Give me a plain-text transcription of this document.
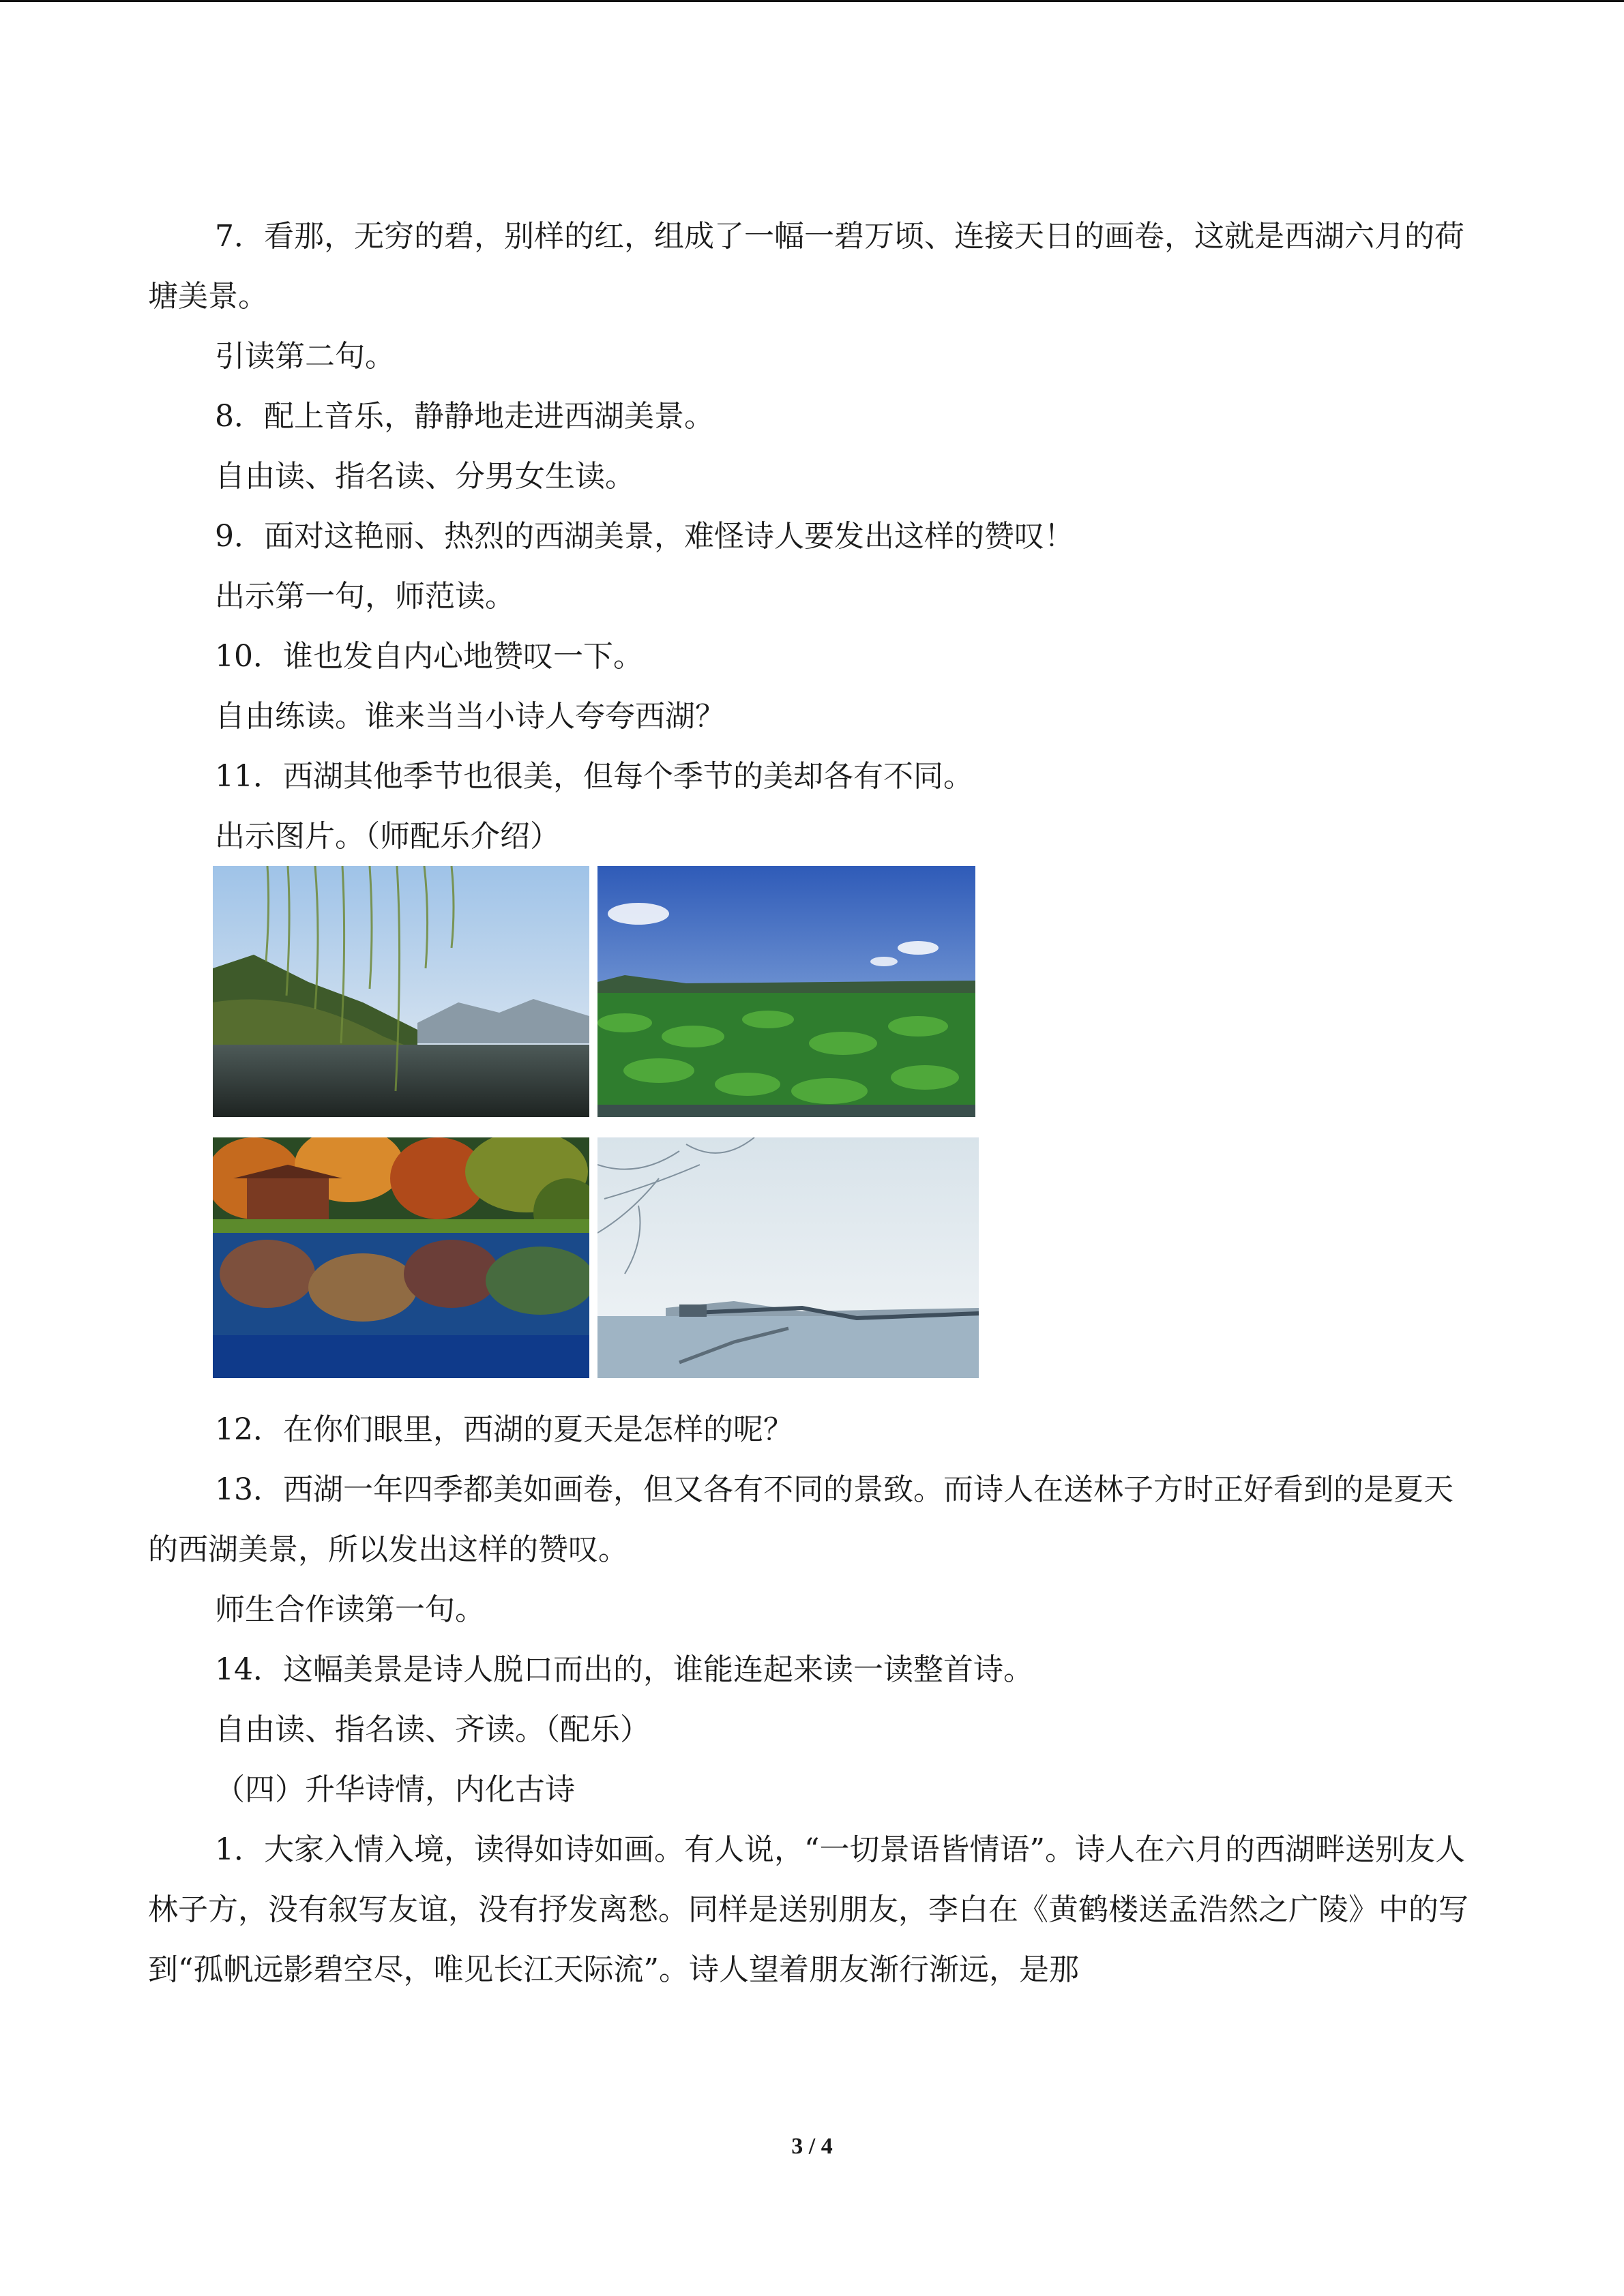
7．看那，无穷的碧，别样的红，组成了一幅一碧万顷、连接天日的画卷，这就是西湖六月的荷塘美景。

引读第二句。

8．配上音乐，静静地走进西湖美景。

自由读、指名读、分男女生读。

9．面对这艳丽、热烈的西湖美景，难怪诗人要发出这样的赞叹！

出示第一句，师范读。

10．谁也发自内心地赞叹一下。

自由练读。谁来当当小诗人夸夸西湖？

11．西湖其他季节也很美，但每个季节的美却各有不同。

出示图片。（师配乐介绍）

12．在你们眼里，西湖的夏天是怎样的呢？

13．西湖一年四季都美如画卷，但又各有不同的景致。而诗人在送林子方时正好看到的是夏天的西湖美景，所以发出这样的赞叹。

师生合作读第一句。

14．这幅美景是诗人脱口而出的，谁能连起来读一读整首诗。

自由读、指名读、齐读。（配乐）

（四）升华诗情，内化古诗

1．大家入情入境，读得如诗如画。有人说，“一切景语皆情语”。诗人在六月的西湖畔送别友人林子方，没有叙写友谊，没有抒发离愁。同样是送别朋友，李白在《黄鹤楼送孟浩然之广陵》中的写到“孤帆远影碧空尽，唯见长江天际流”。诗人望着朋友渐行渐远，是那

3 / 4
